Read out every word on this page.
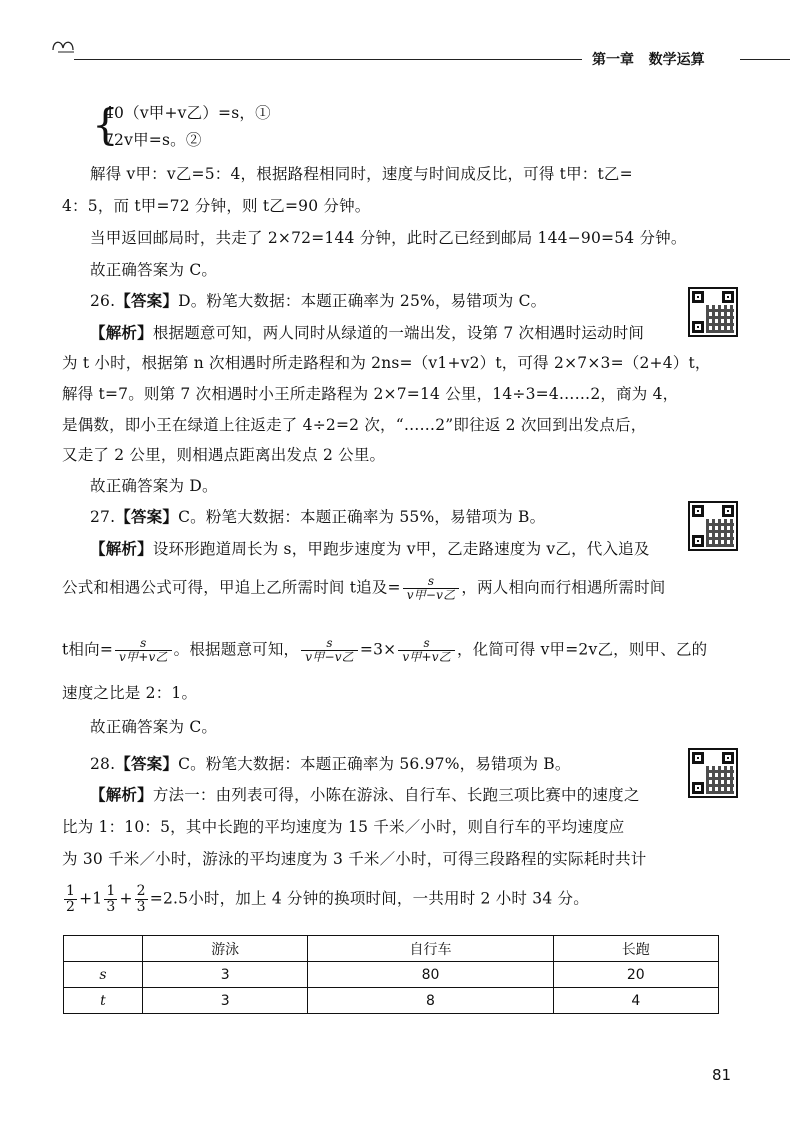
第一章 数学运算
{
40（v甲+v乙）=s，①
72v甲=s。②
解得 v甲：v乙=5：4，根据路程相同时，速度与时间成反比，可得 t甲：t乙=
4：5，而 t甲=72 分钟，则 t乙=90 分钟。
当甲返回邮局时，共走了 2×72=144 分钟，此时乙已经到邮局 144−90=54 分钟。
故正确答案为 C。
26.【答案】D。粉笔大数据：本题正确率为 25%，易错项为 C。
【解析】根据题意可知，两人同时从绿道的一端出发，设第 7 次相遇时运动时间
为 t 小时，根据第 n 次相遇时所走路程和为 2ns=（v1+v2）t，可得 2×7×3=（2+4）t，
解得 t=7。则第 7 次相遇时小王所走路程为 2×7=14 公里，14÷3=4……2，商为 4，
是偶数，即小王在绿道上往返走了 4÷2=2 次，“……2”即往返 2 次回到出发点后，
又走了 2 公里，则相遇点距离出发点 2 公里。
故正确答案为 D。
27.【答案】C。粉笔大数据：本题正确率为 55%，易错项为 B。
【解析】设环形跑道周长为 s，甲跑步速度为 v甲，乙走路速度为 v乙，代入追及
公式和相遇公式可得，甲追上乙所需时间 t追及= $\frac{s}{\text{v甲−v乙}}$ ，两人相向而行相遇所需时间
t相向= $\frac{s}{\text{v甲+v乙}}$ 。根据题意可知， $\frac{s}{\text{v甲−v乙}} =3\times \frac{s}{\text{v甲+v乙}}$ ，化简可得 v甲=2v乙，则甲、乙的
速度之比是 2：1。
故正确答案为 C。
28.【答案】C。粉笔大数据：本题正确率为 56.97%，易错项为 B。
【解析】方法一：由列表可得，小陈在游泳、自行车、长跑三项比赛中的速度之
比为 1：10：5，其中长跑的平均速度为 15 千米／小时，则自行车的平均速度应
为 30 千米／小时，游泳的平均速度为 3 千米／小时，可得三段路程的实际耗时共计
$\frac{1}{2} +1 \frac{1}{3} + \frac{2}{3} =2.5$小时，加上 4 分钟的换项时间，一共用时 2 小时 34 分。
	游泳	自行车	长跑
s	3	80	20
t	3	8	4
81
